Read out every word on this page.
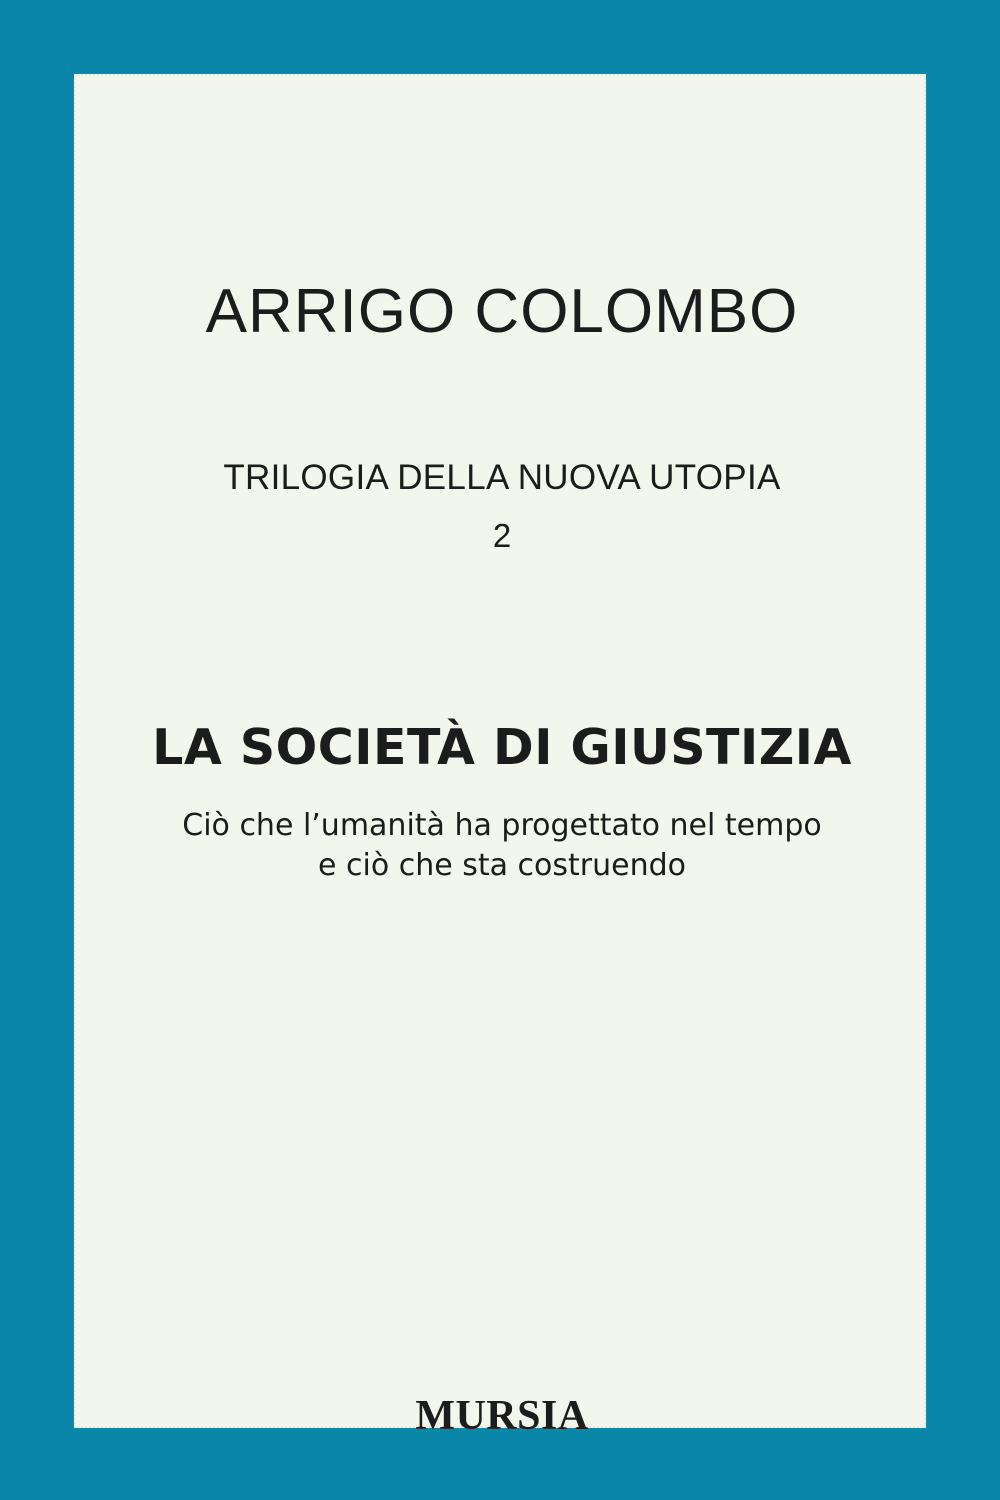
ARRIGO COLOMBO
TRILOGIA DELLA NUOVA UTOPIA
2
LA SOCIETÀ DI GIUSTIZIA
Ciò che l’umanità ha progettato nel tempo
e ciò che sta costruendo
MURSIA
